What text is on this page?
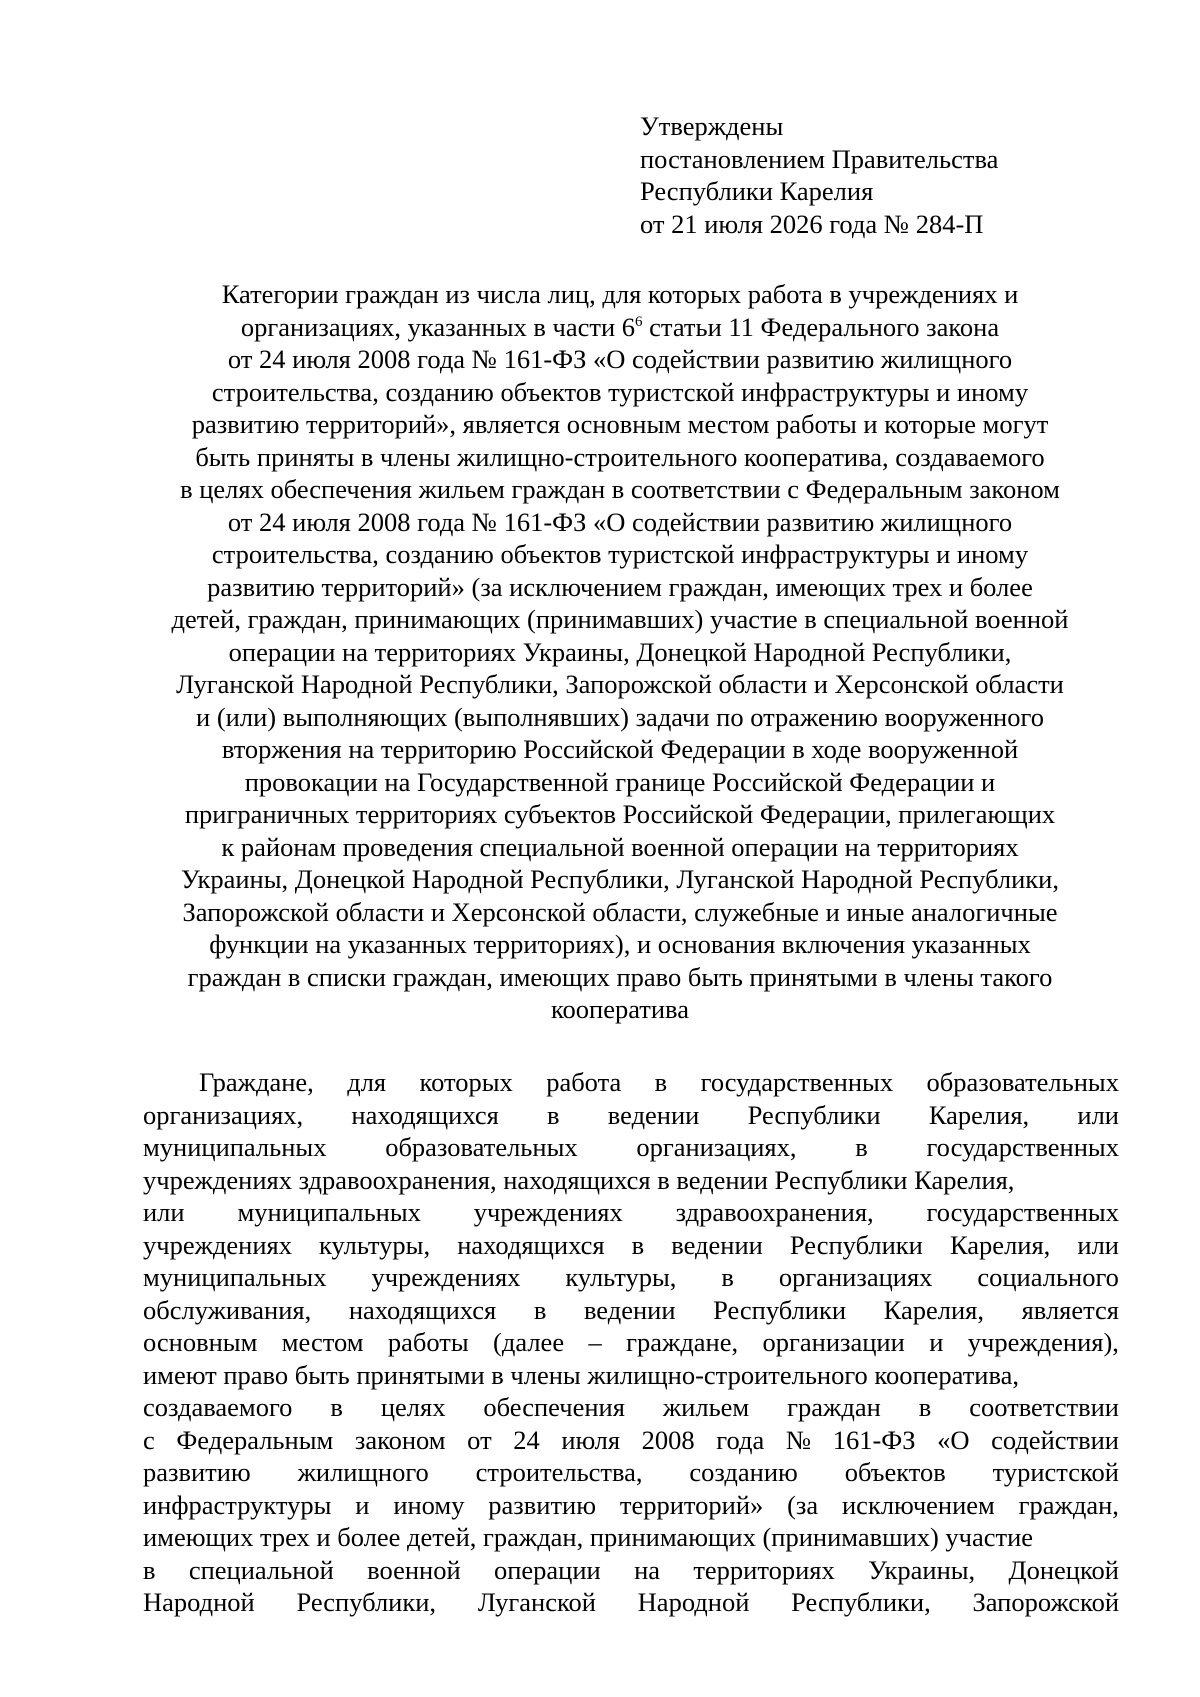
Утверждены
постановлением Правительства
Республики Карелия
от 21 июля 2026 года № 284-П
Категории граждан из числа лиц, для которых работа в учреждениях и
организациях, указанных в части $6^6$ статьи 11 Федерального закона
от 24 июля 2008 года № 161-ФЗ «О содействии развитию жилищного
строительства, созданию объектов туристской инфраструктуры и иному
развитию территорий», является основным местом работы и которые могут
быть приняты в члены жилищно-строительного кооператива, создаваемого
в целях обеспечения жильем граждан в соответствии с Федеральным законом
от 24 июля 2008 года № 161-ФЗ «О содействии развитию жилищного
строительства, созданию объектов туристской инфраструктуры и иному
развитию территорий» (за исключением граждан, имеющих трех и более
детей, граждан, принимающих (принимавших) участие в специальной военной
операции на территориях Украины, Донецкой Народной Республики,
Луганской Народной Республики, Запорожской области и Херсонской области
и (или) выполняющих (выполнявших) задачи по отражению вооруженного
вторжения на территорию Российской Федерации в ходе вооруженной
провокации на Государственной границе Российской Федерации и
приграничных территориях субъектов Российской Федерации, прилегающих
к районам проведения специальной военной операции на территориях
Украины, Донецкой Народной Республики, Луганской Народной Республики,
Запорожской области и Херсонской области, служебные и иные аналогичные
функции на указанных территориях), и основания включения указанных
граждан в списки граждан, имеющих право быть принятыми в члены такого
кооператива
Граждане, для которых работа в государственных образовательных
организациях, находящихся в ведении Республики Карелия, или
муниципальных образовательных организациях, в государственных
учреждениях здравоохранения, находящихся в ведении Республики Карелия,
или муниципальных учреждениях здравоохранения, государственных
учреждениях культуры, находящихся в ведении Республики Карелия, или
муниципальных учреждениях культуры, в организациях социального
обслуживания, находящихся в ведении Республики Карелия, является
основным местом работы (далее – граждане, организации и учреждения),
имеют право быть принятыми в члены жилищно-строительного кооператива,
создаваемого в целях обеспечения жильем граждан в соответствии
с Федеральным законом от 24 июля 2008 года № 161-ФЗ «О содействии
развитию жилищного строительства, созданию объектов туристской
инфраструктуры и иному развитию территорий» (за исключением граждан,
имеющих трех и более детей, граждан, принимающих (принимавших) участие
в специальной военной операции на территориях Украины, Донецкой
Народной Республики, Луганской Народной Республики, Запорожской
